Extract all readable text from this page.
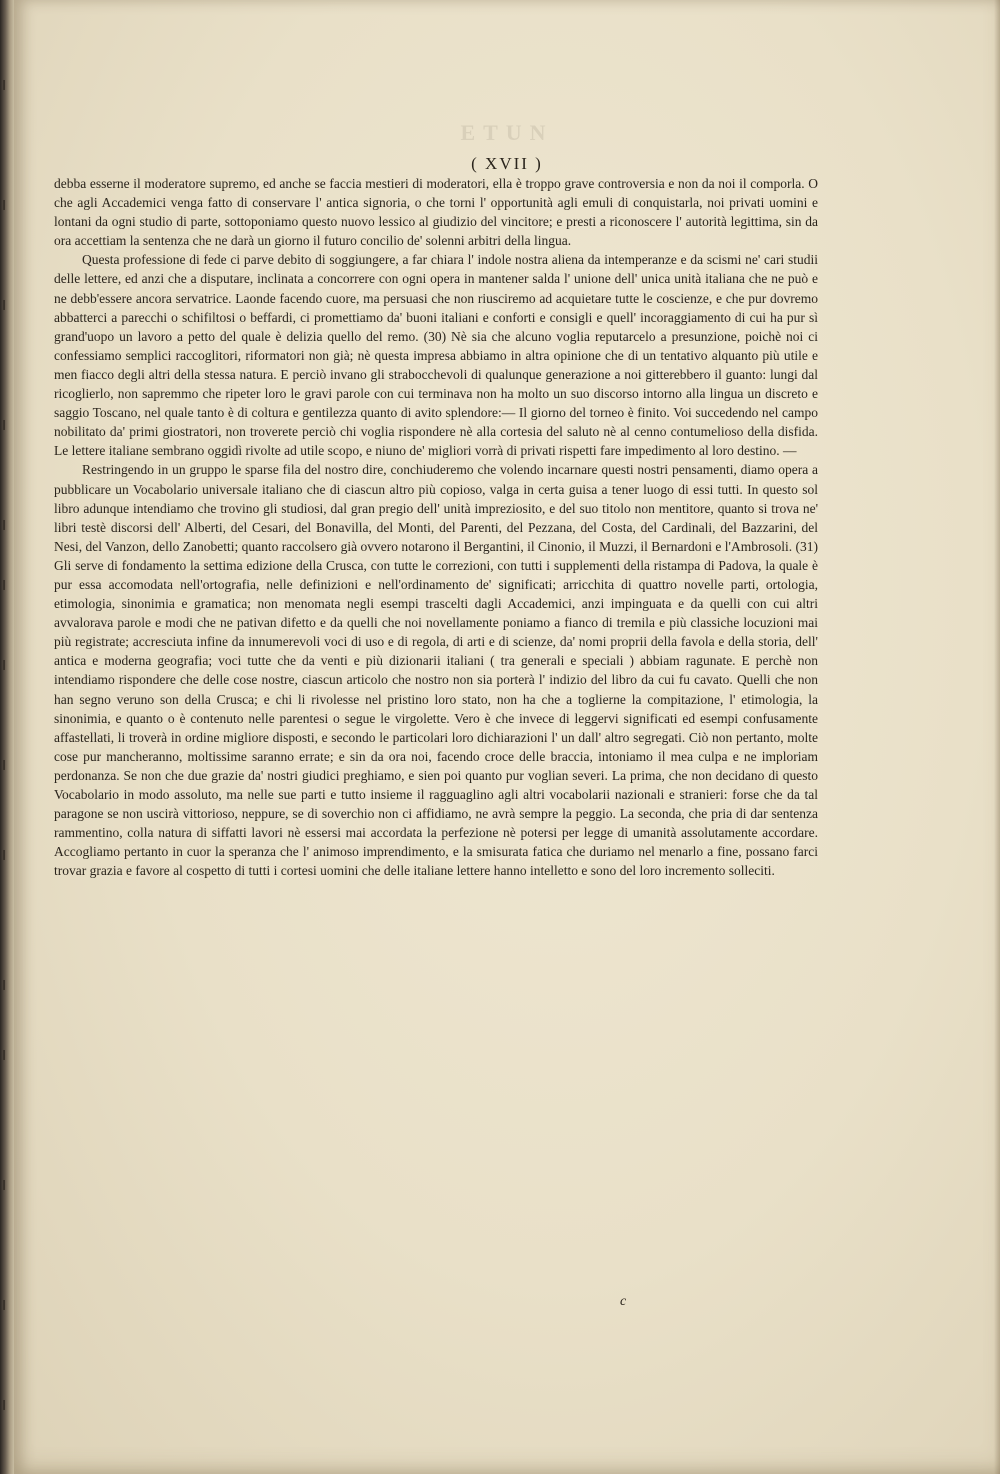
ETUN
( XVII )

debba esserne il moderatore supremo, ed anche se faccia mestieri di moderatori, ella è troppo grave controversia e non da noi il comporla. O che agli Accademici venga fatto di conservare l' antica signoria, o che torni l' opportunità agli emuli di conquistarla, noi privati uomini e lontani da ogni studio di parte, sottoponiamo questo nuovo lessico al giudizio del vincitore; e presti a riconoscere l' autorità legittima, sin da ora accettiam la sentenza che ne darà un giorno il futuro concilio de' solenni arbitri della lingua.

Questa professione di fede ci parve debito di soggiungere, a far chiara l' indole nostra aliena da intemperanze e da scismi ne' cari studii delle lettere, ed anzi che a disputare, inclinata a concorrere con ogni opera in mantener salda l' unione dell' unica unità italiana che ne può e ne debb'essere ancora servatrice. Laonde facendo cuore, ma persuasi che non riusciremo ad acquietare tutte le coscienze, e che pur dovremo abbatterci a parecchi o schifiltosi o beffardi, ci promettiamo da' buoni italiani e conforti e consigli e quell' incoraggiamento di cui ha pur sì grand'uopo un lavoro a petto del quale è delizia quello del remo. (30) Nè sia che alcuno voglia reputarcelo a presunzione, poichè noi ci confessiamo semplici raccoglitori, riformatori non già; nè questa impresa abbiamo in altra opinione che di un tentativo alquanto più utile e men fiacco degli altri della stessa natura. E perciò invano gli strabocchevoli di qualunque generazione a noi gitterebbero il guanto: lungi dal ricoglierlo, non sapremmo che ripeter loro le gravi parole con cui terminava non ha molto un suo discorso intorno alla lingua un discreto e saggio Toscano, nel quale tanto è di coltura e gentilezza quanto di avito splendore:— Il giorno del torneo è finito. Voi succedendo nel campo nobilitato da' primi giostratori, non troverete perciò chi voglia rispondere nè alla cortesia del saluto nè al cenno contumelioso della disfida. Le lettere italiane sembrano oggidì rivolte ad utile scopo, e niuno de' migliori vorrà di privati rispetti fare impedimento al loro destino. —

Restringendo in un gruppo le sparse fila del nostro dire, conchiuderemo che volendo incarnare questi nostri pensamenti, diamo opera a pubblicare un Vocabolario universale italiano che di ciascun altro più copioso, valga in certa guisa a tener luogo di essi tutti. In questo sol libro adunque intendiamo che trovino gli studiosi, dal gran pregio dell' unità impreziosito, e del suo titolo non mentitore, quanto si trova ne' libri testè discorsi dell' Alberti, del Cesari, del Bonavilla, del Monti, del Parenti, del Pezzana, del Costa, del Cardinali, del Bazzarini, del Nesi, del Vanzon, dello Zanobetti; quanto raccolsero già ovvero notarono il Bergantini, il Cinonio, il Muzzi, il Bernardoni e l'Ambrosoli. (31) Gli serve di fondamento la settima edizione della Crusca, con tutte le correzioni, con tutti i supplementi della ristampa di Padova, la quale è pur essa accomodata nell'ortografia, nelle definizioni e nell'ordinamento de' significati; arricchita di quattro novelle parti, ortologia, etimologia, sinonimia e gramatica; non menomata negli esempi trascelti dagli Accademici, anzi impinguata e da quelli con cui altri avvalorava parole e modi che ne pativan difetto e da quelli che noi novellamente poniamo a fianco di tremila e più classiche locuzioni mai più registrate; accresciuta infine da innumerevoli voci di uso e di regola, di arti e di scienze, da' nomi proprii della favola e della storia, dell' antica e moderna geografia; voci tutte che da venti e più dizionarii italiani ( tra generali e speciali ) abbiam ragunate. E perchè non intendiamo rispondere che delle cose nostre, ciascun articolo che nostro non sia porterà l' indizio del libro da cui fu cavato. Quelli che non han segno veruno son della Crusca; e chi li rivolesse nel pristino loro stato, non ha che a toglierne la compitazione, l' etimologia, la sinonimia, e quanto o è contenuto nelle parentesi o segue le virgolette. Vero è che invece di leggervi significati ed esempi confusamente affastellati, li troverà in ordine migliore disposti, e secondo le particolari loro dichiarazioni l' un dall' altro segregati. Ciò non pertanto, molte cose pur mancheranno, moltissime saranno errate; e sin da ora noi, facendo croce delle braccia, intoniamo il mea culpa e ne imploriam perdonanza. Se non che due grazie da' nostri giudici preghiamo, e sien poi quanto pur voglian severi. La prima, che non decidano di questo Vocabolario in modo assoluto, ma nelle sue parti e tutto insieme il ragguaglino agli altri vocabolarii nazionali e stranieri: forse che da tal paragone se non uscirà vittorioso, neppure, se di soverchio non ci affidiamo, ne avrà sempre la peggio. La seconda, che pria di dar sentenza rammentino, colla natura di siffatti lavori nè essersi mai accordata la perfezione nè potersi per legge di umanità assolutamente accordare. Accogliamo pertanto in cuor la speranza che l' animoso imprendimento, e la smisurata fatica che duriamo nel menarlo a fine, possano farci trovar grazia e favore al cospetto di tutti i cortesi uomini che delle italiane lettere hanno intelletto e sono del loro incremento solleciti.

c
